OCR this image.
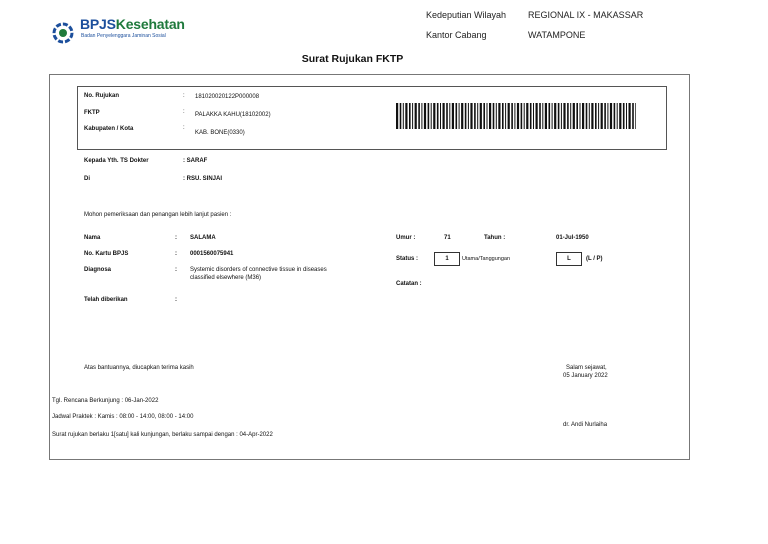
BPJSKesehatan
Badan Penyelenggara Jaminan Sosial
Kedeputian Wilayah REGIONAL IX - MAKASSAR
Kantor Cabang	WATAMPONE
Surat Rujukan FKTP
No. Rujukan	: 181020020122P000008
FKTP	: PALAKKA KAHU(18102002)
Kabupaten / Kota	:
KAB. BONE(0330)
Kepada Yth. TS Dokter	: SARAF
Di	: RSU. SINJAI
Mohon pemeriksaan dan penangan lebih lanjut pasien :
Nama	: SALAMA
No. Kartu BPJS	: 0001560075941
Diagnosa	: Systemic disorders of connective tissue in diseases
classified elsewhere (M36)
Telah diberikan	:
Umur :	71	Tahun :	01-Jul-1950
Status :	1	Utama/Tanggungan	L	(L / P)
Catatan :
Atas bantuannya, diucapkan terima kasih	Salam sejawat,
05 January 2022
Tgl. Rencana Berkunjung : 06-Jan-2022
Jadwal Praktek : Kamis : 08:00 - 14:00, 08:00 - 14:00
Surat rujukan berlaku 1[satu] kali kunjungan, berlaku sampai dengan : 04-Apr-2022
dr. Andi Nurlaiha
